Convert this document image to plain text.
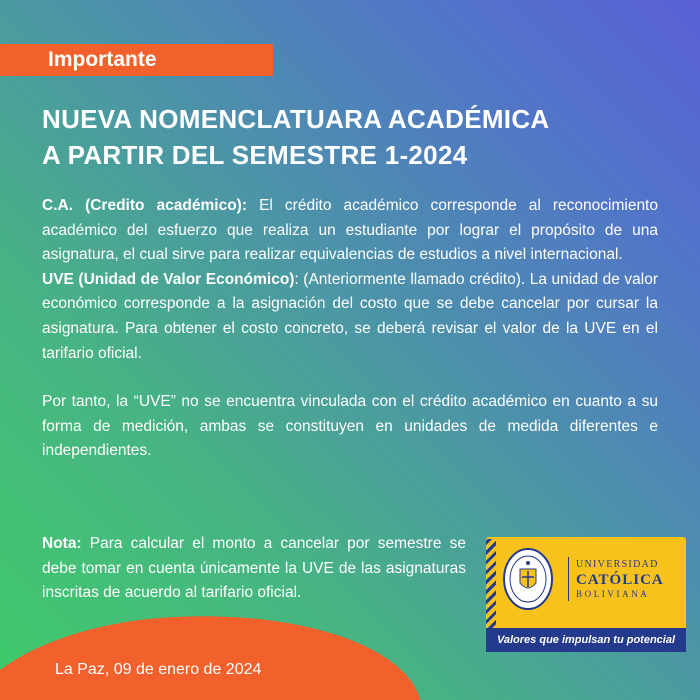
Importante
NUEVA NOMENCLATUARA ACADÉMICA
A PARTIR DEL SEMESTRE 1-2024

C.A. (Credito académico): El crédito académico corresponde al reconocimiento académico del esfuerzo que realiza un estudiante por lograr el propósito de una asignatura, el cual sirve para realizar equivalencias de estudios a nivel internacional.

UVE (Unidad de Valor Económico): (Anteriormente llamado crédito). La unidad de valor económico corresponde a la asignación del costo que se debe cancelar por cursar la asignatura. Para obtener el costo concreto, se deberá revisar el valor de la UVE en el tarifario oficial.

Por tanto, la “UVE” no se encuentra vinculada con el crédito académico en cuanto a su forma de medición, ambas se constituyen en unidades de medida diferentes e independientes.

Nota: Para calcular el monto a cancelar por semestre se debe tomar en cuenta únicamente la UVE de las asignaturas inscritas de acuerdo al tarifario oficial.

La Paz, 09 de enero de 2024
UNIVERSIDAD
CATÓLICA
BOLIVIANA
Valores que impulsan tu potencial
